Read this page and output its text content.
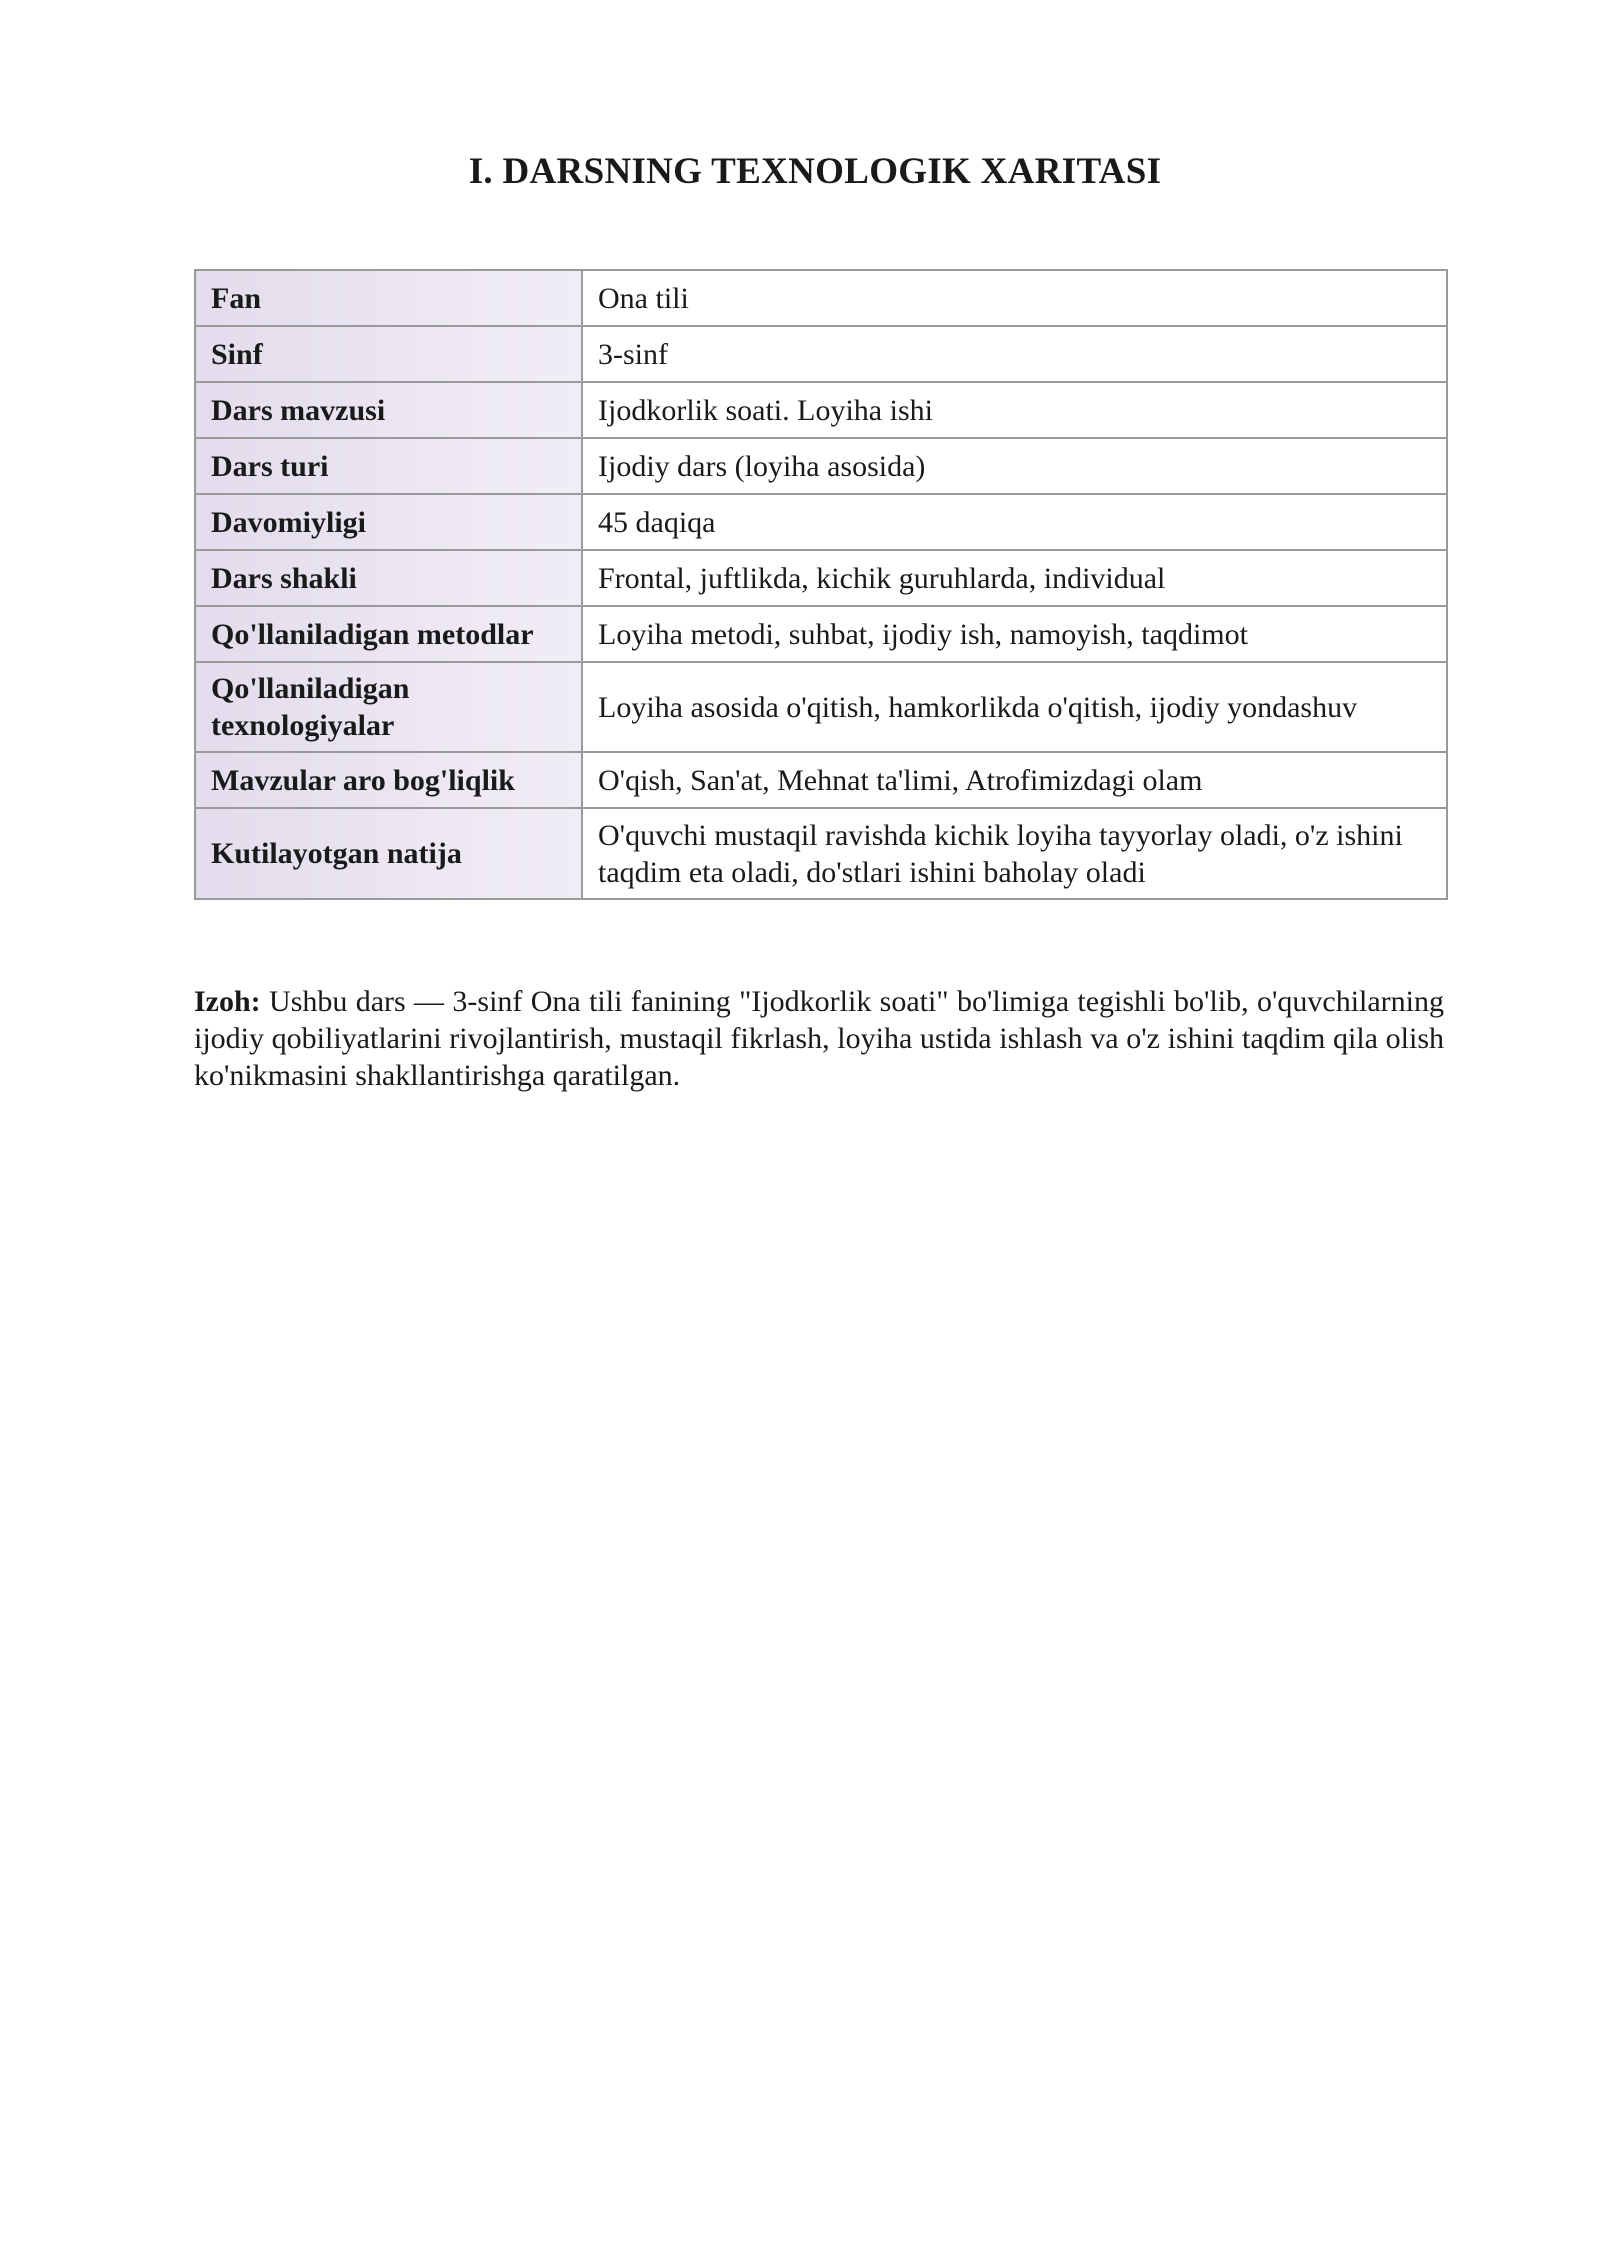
I. DARSNING TEXNOLOGIK XARITASI
Fan	Ona tili
Sinf	3-sinf
Dars mavzusi	Ijodkorlik soati. Loyiha ishi
Dars turi	Ijodiy dars (loyiha asosida)
Davomiyligi	45 daqiqa
Dars shakli	Frontal, juftlikda, kichik guruhlarda, individual
Qo'llaniladigan metodlar	Loyiha metodi, suhbat, ijodiy ish, namoyish, taqdimot
Qo'llaniladigan texnologiyalar	Loyiha asosida o'qitish, hamkorlikda o'qitish, ijodiy yondashuv
Mavzular aro bog'liqlik	O'qish, San'at, Mehnat ta'limi, Atrofimizdagi olam
Kutilayotgan natija	O'quvchi mustaqil ravishda kichik loyiha tayyorlay oladi, o'z ishini taqdim eta oladi, do'stlari ishini baholay oladi

Izoh: Ushbu dars — 3-sinf Ona tili fanining "Ijodkorlik soati" bo'limiga tegishli bo'lib, o'quvchilarning ijodiy qobiliyatlarini rivojlantirish, mustaqil fikrlash, loyiha ustida ishlash va o'z ishini taqdim qila olish ko'nikmasini shakllantirishga qaratilgan.
